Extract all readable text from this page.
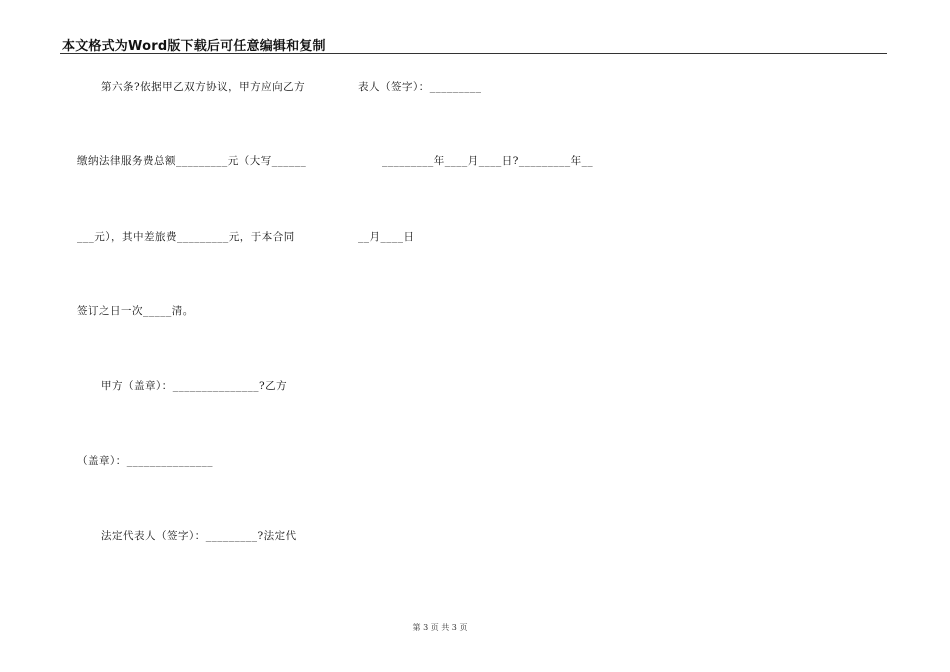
本文格式为Word版下载后可任意编辑和复制
第六条?依据甲乙双方协议，甲方应向乙方
缴纳法律服务费总额_________元（大写______
___元），其中差旅费_________元，于本合同
签订之日一次_____清。
甲方（盖章）：_______________?乙方
（盖章）：_______________
法定代表人（签字）：_________?法定代
表人（签字）：_________
_________年____月____日?_________年__
__月____日
第 3 页 共 3 页
